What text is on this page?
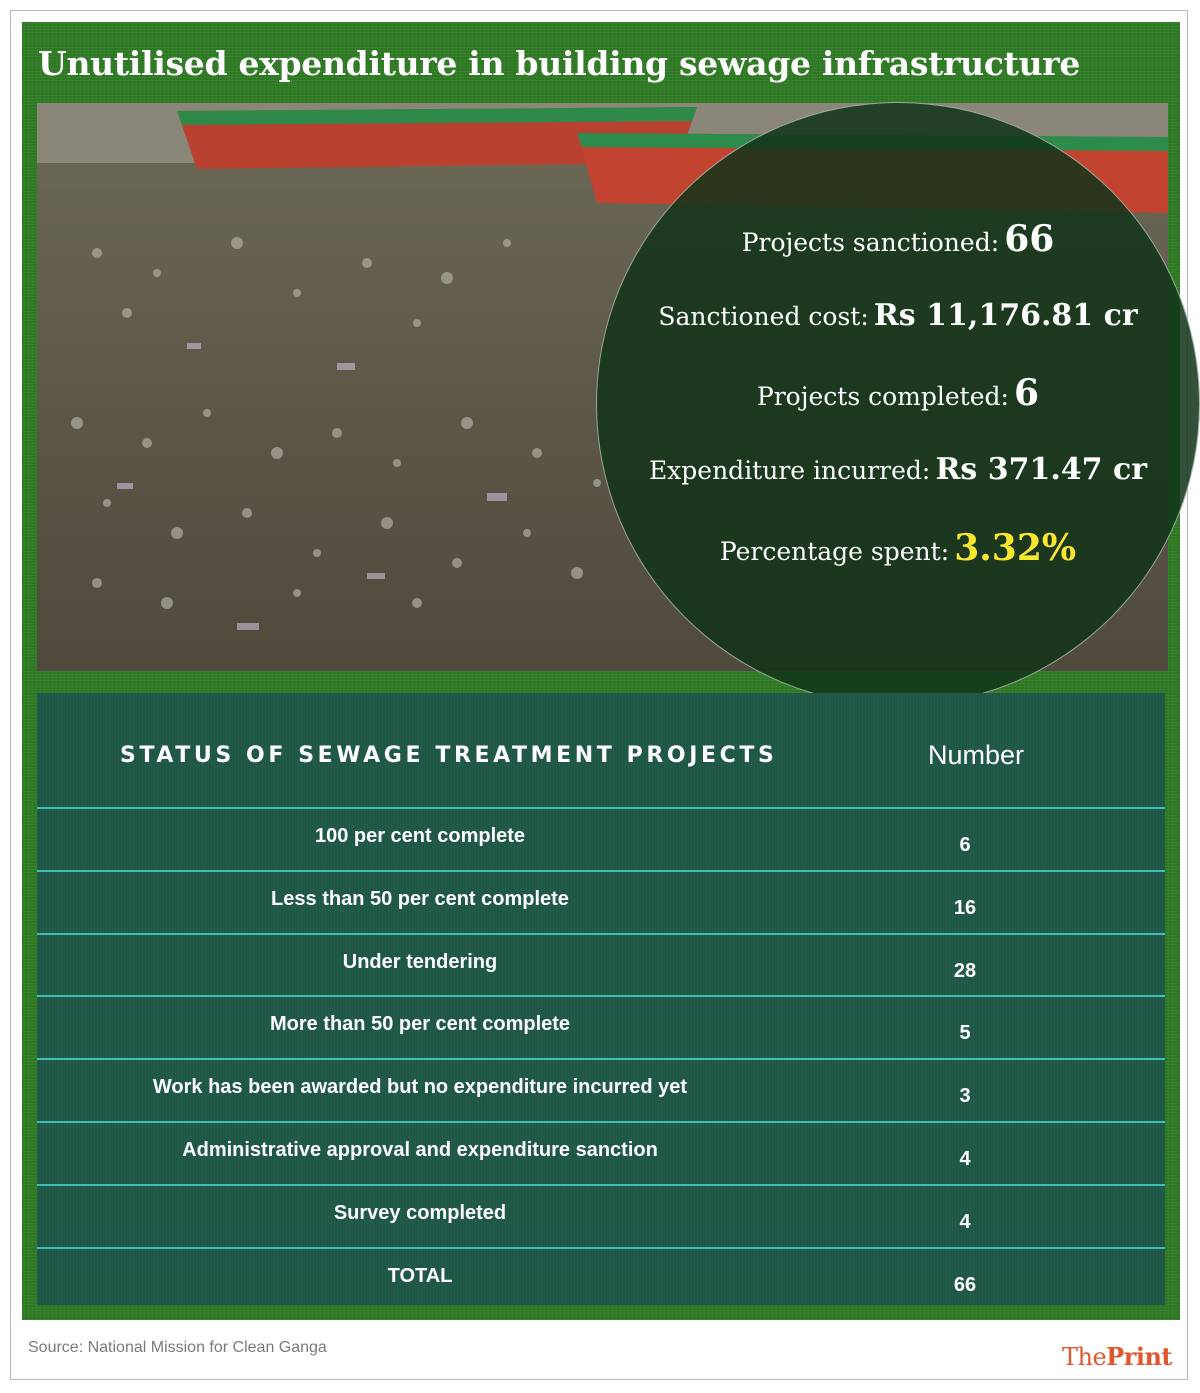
Unutilised expenditure in building sewage infrastructure
Projects sanctioned: 66
Sanctioned cost: Rs 11,176.81 cr
Projects completed: 6
Expenditure incurred: Rs 371.47 cr
Percentage spent: 3.32%
STATUS OF SEWAGE TREATMENT PROJECTS	Number
100 per cent complete	6
Less than 50 per cent complete	16
Under tendering	28
More than 50 per cent complete	5
Work has been awarded but no expenditure incurred yet	3
Administrative approval and expenditure sanction	4
Survey completed	4
TOTAL	66
Source: National Mission for Clean Ganga	ThePrint
